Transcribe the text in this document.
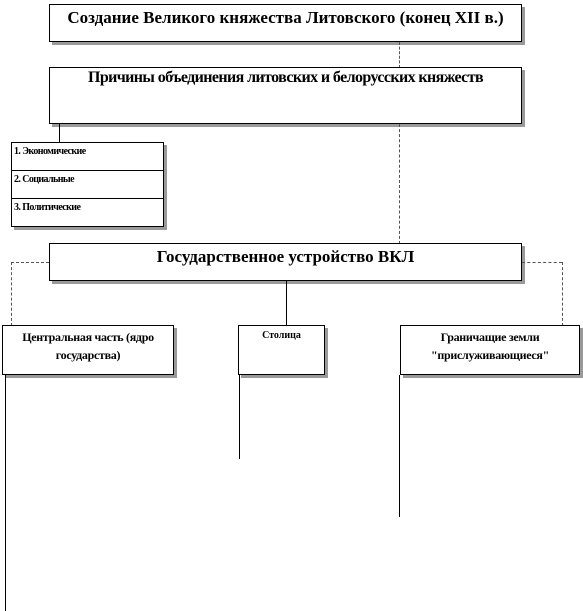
Создание Великого княжества Литовского (конец XII в.)
Причины объединения литовских и белорусских княжеств
1. Экономические
2. Социальные
3. Политические
Государственное устройство ВКЛ
Центральная часть (ядро
государства)
Столица	Граничащие земли
"прислуживающиеся"
